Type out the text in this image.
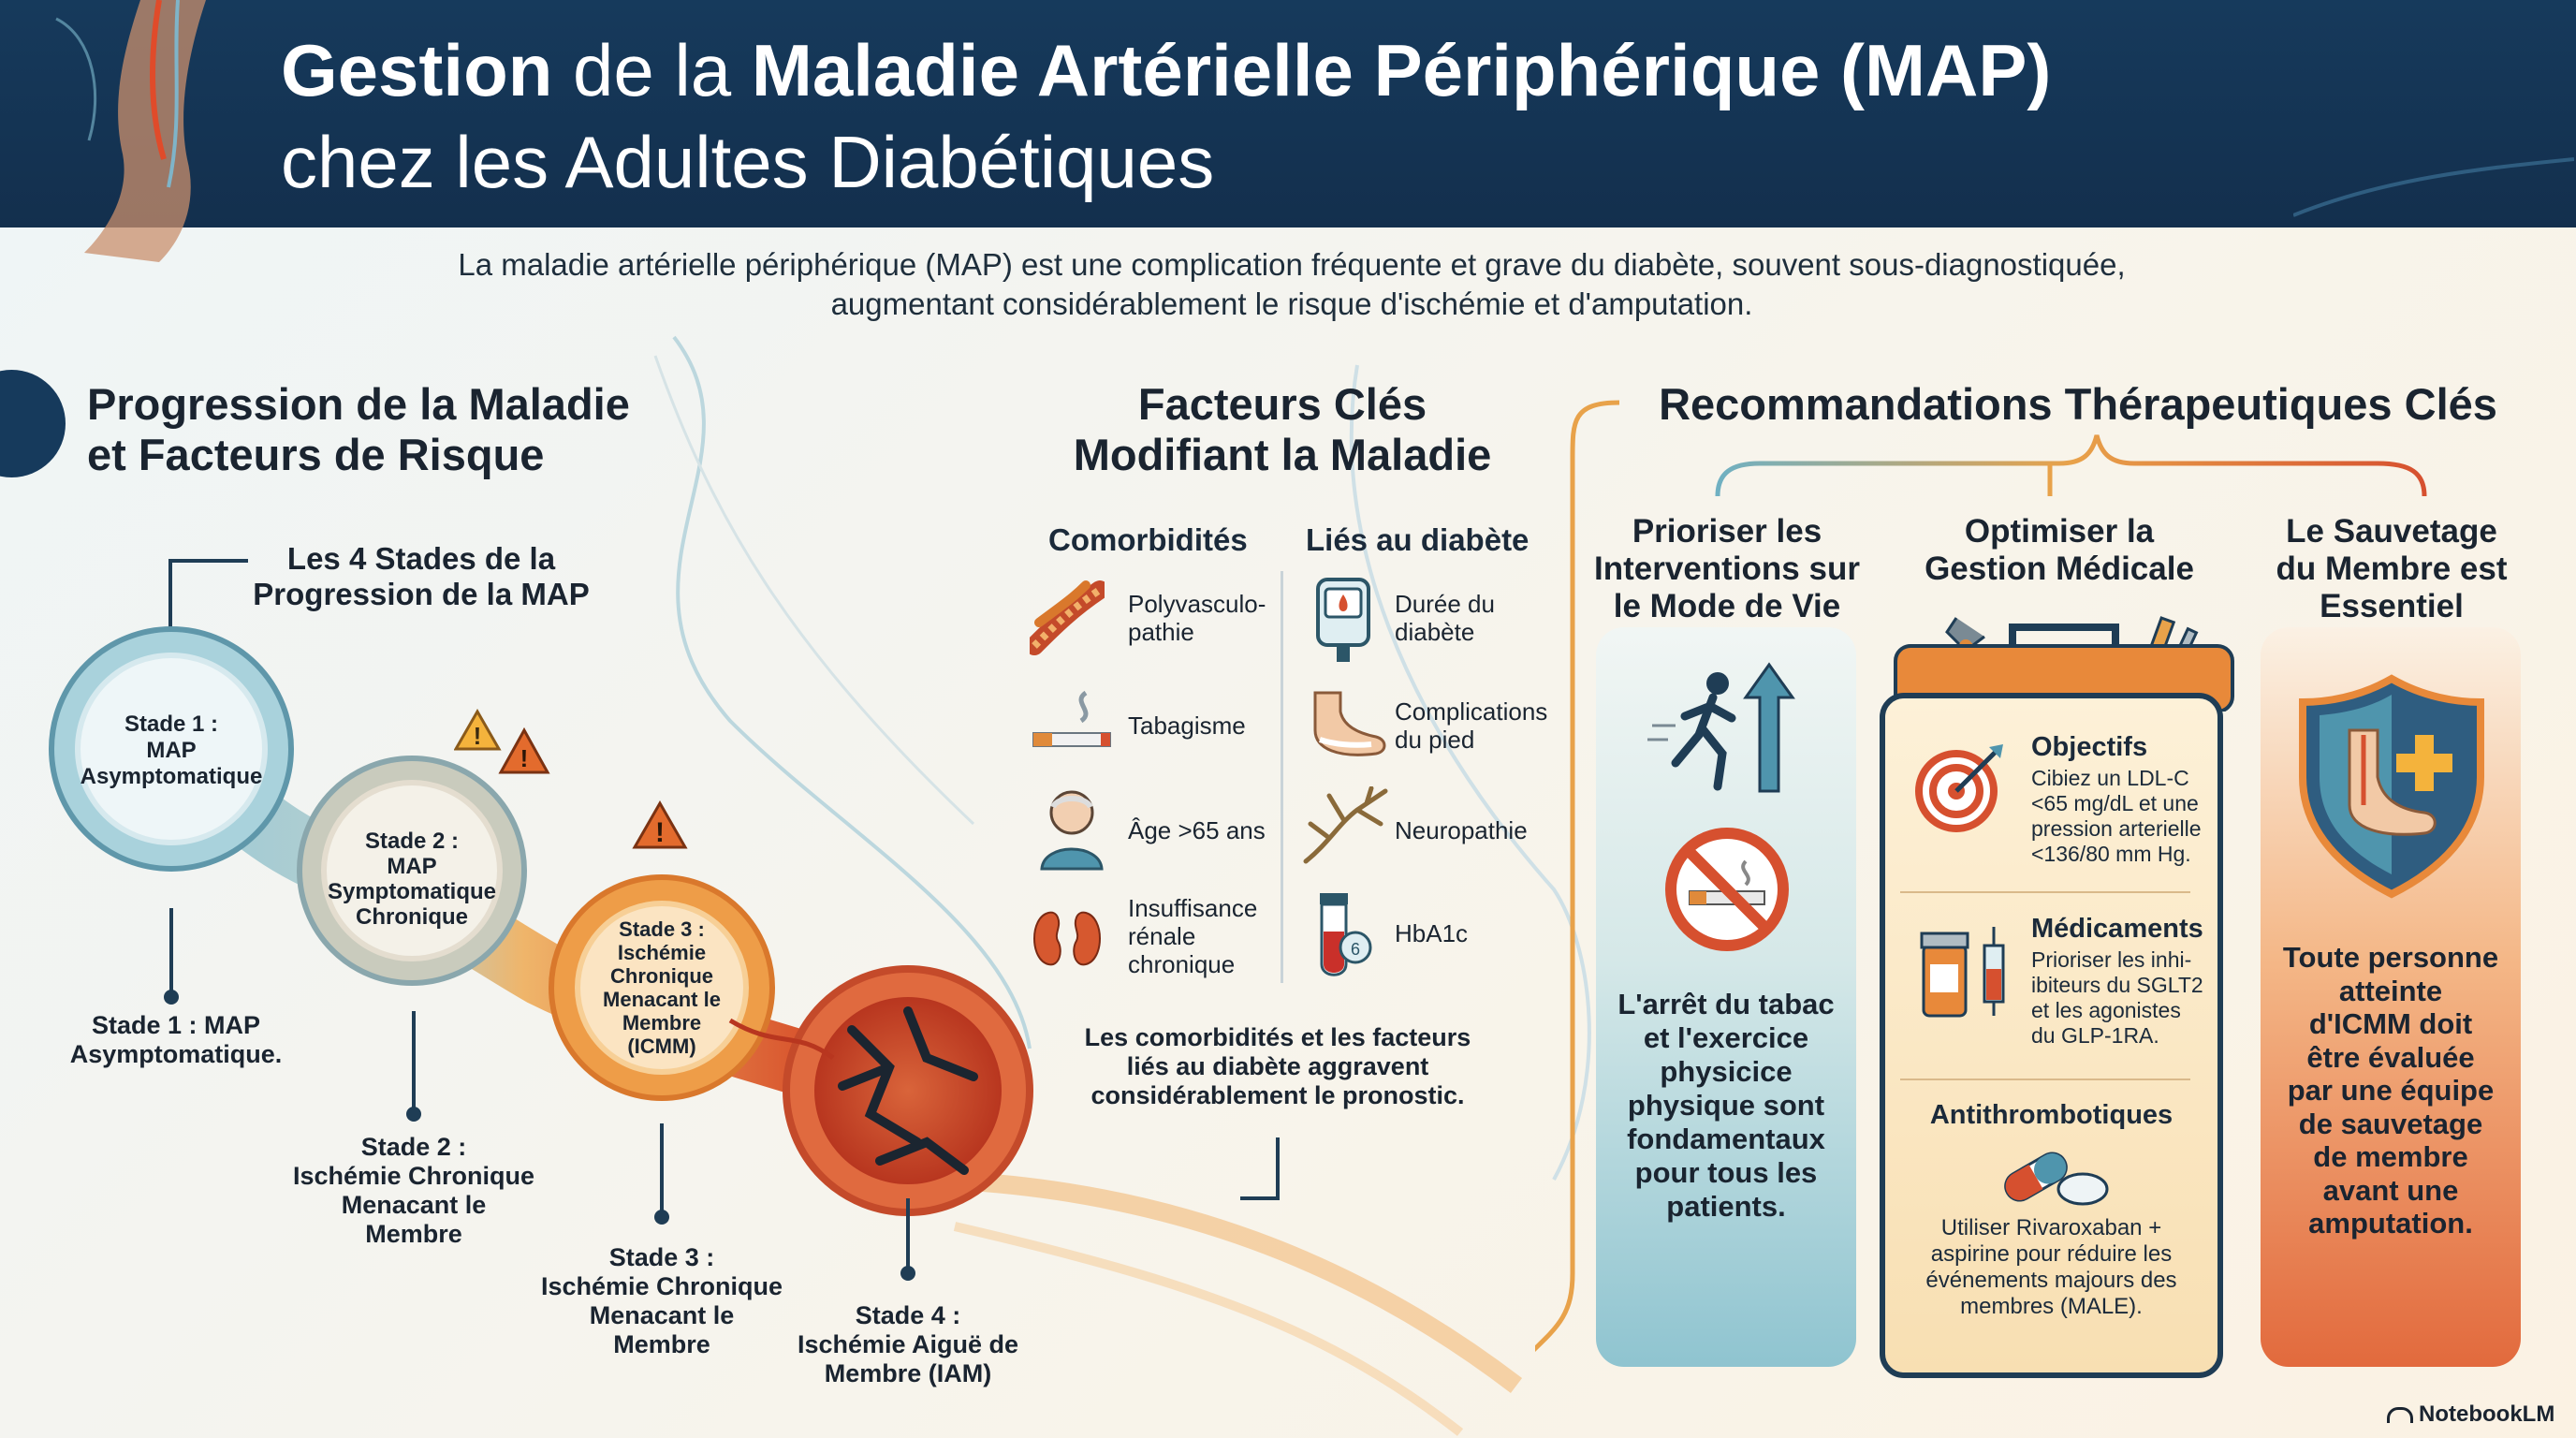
Gestion de la Maladie Artérielle Périphérique (MAP)
chez les Adultes Diabétiques
La maladie artérielle périphérique (MAP) est une complication fréquente et grave du diabète, souvent sous-diagnostiquée, augmentant considérablement le risque d'ischémie et d'amputation.
Progression de la Maladie
et Facteurs de Risque
Les 4 Stades de la
Progression de la MAP
Stade 1 :
MAP
Asymptomatique
Stade 2 :
MAP
Symptomatique
Chronique	Stade 3 :
Ischémie
Chronique
Menacant le
Membre
(ICMM)
!
!
!
Stade 1 : MAP
Asymptomatique.
Stade 2 :
Ischémie Chronique
Menacant le
Membre
Stade 3 :
Ischémie Chronique
Menacant le
Membre
Stade 4 :
Ischémie Aiguë de
Membre (IAM)
Facteurs Clés
Modifiant la Maladie
Comorbidités Liés au diabète
Polyvasculo-
pathie
Tabagisme
Âge >65 ans
Insuffisance
rénale
chronique
Durée du
diabète
Complications
du pied
Neuropathie
6
HbA1c
Les comorbidités et les facteurs
liés au diabète aggravent
considérablement le pronostic.
Recommandations Thérapeutiques Clés
Prioriser les
Interventions sur
le Mode de Vie
L'arrêt du tabac
et l'exercice
physicice
physique sont
fondamentaux
pour tous les
patients.
Optimiser la
Gestion Médicale
Objectifs
Cibiez un LDL-C
<65 mg/dL et une
pression arterielle
<136/80 mm Hg.
Médicaments
Prioriser les inhi-
ibiteurs du SGLT2
et les agonistes
du GLP-1RA.
Antithrombotiques
Utiliser Rivaroxaban +
aspirine pour réduire les
événements majours des
membres (MALE).
Le Sauvetage
du Membre est
Essentiel
Toute personne
atteinte
d'ICMM doit
être évaluée
par une équipe
de sauvetage
de membre
avant une
amputation.
NotebookLM
